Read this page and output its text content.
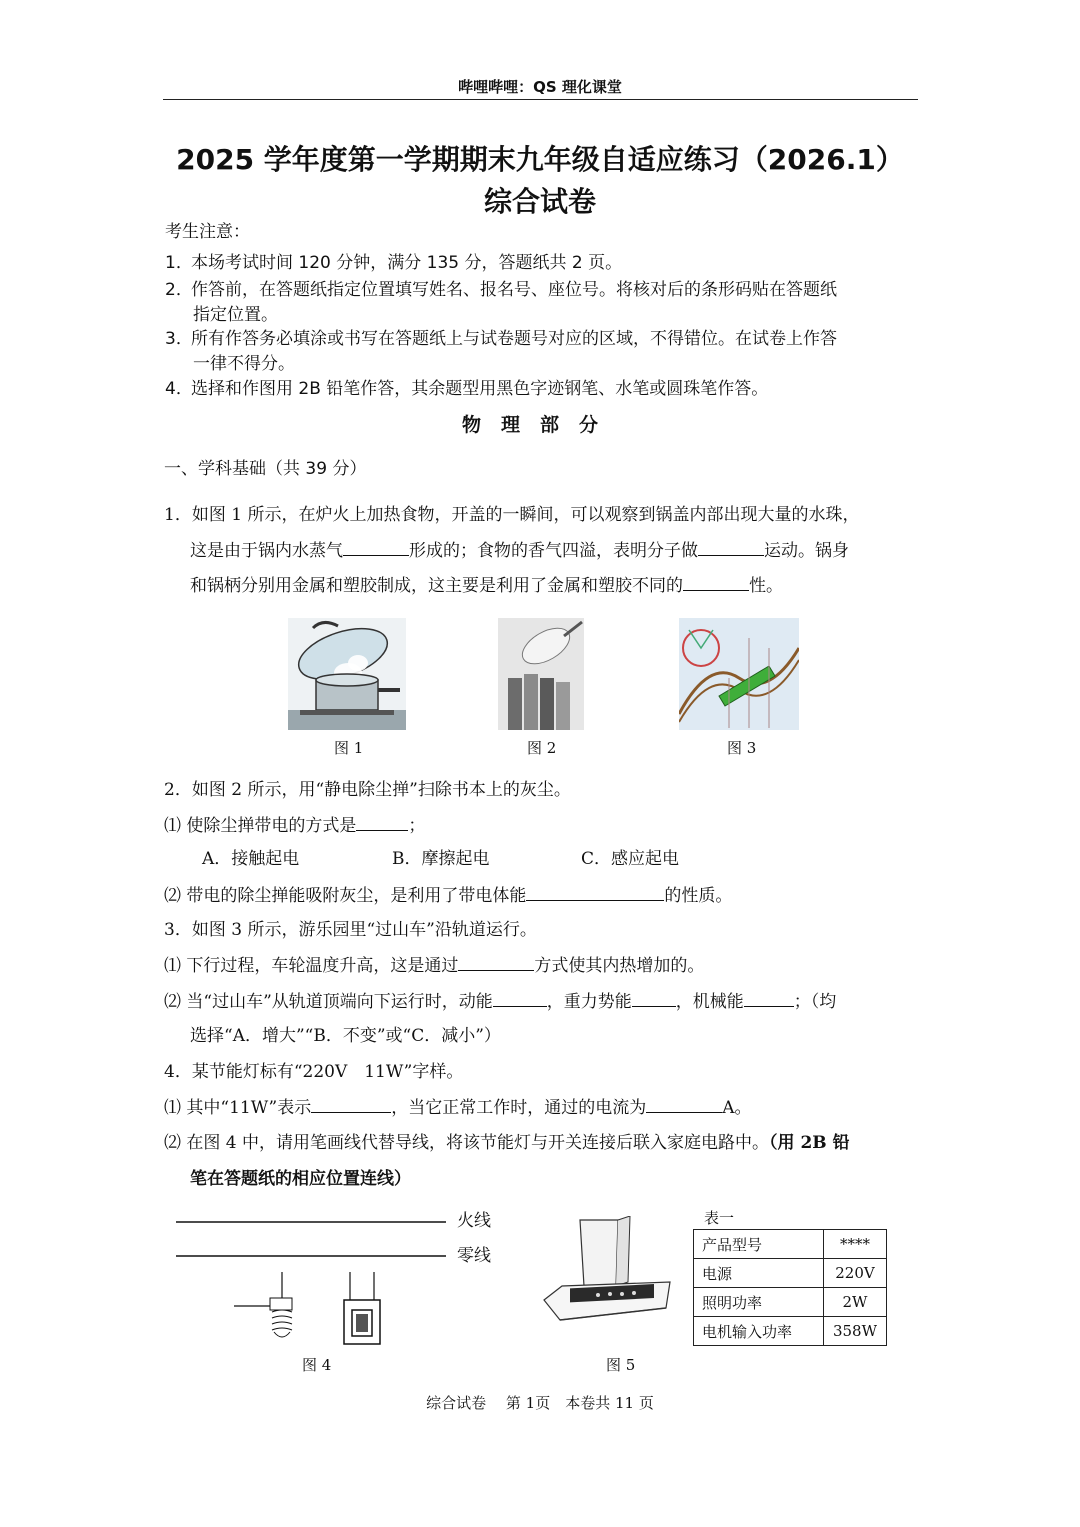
哔哩哔哩：QS 理化课堂
2025 学年度第一学期期末九年级自适应练习（2026.1）
综合试卷
考生注意：
1．本场考试时间 120 分钟，满分 135 分，答题纸共 2 页。
2．作答前，在答题纸指定位置填写姓名、报名号、座位号。将核对后的条形码贴在答题纸
指定位置。
3．所有作答务必填涂或书写在答题纸上与试卷题号对应的区域，不得错位。在试卷上作答
一律不得分。
4．选择和作图用 2B 铅笔作答，其余题型用黑色字迹钢笔、水笔或圆珠笔作答。
物理部分
一、学科基础（共 39 分）
1．如图 1 所示，在炉火上加热食物，开盖的一瞬间，可以观察到锅盖内部出现大量的水珠，
这是由于锅内水蒸气	形成的；食物的香气四溢，表明分子做	运动。锅身
和锅柄分别用金属和塑胶制成，这主要是利用了金属和塑胶不同的	性。
图 1	图 2	图 3
2．如图 2 所示，用“静电除尘掸”扫除书本上的灰尘。
⑴ 使除尘掸带电的方式是	；
A．接触起电	B．摩擦起电	C．感应起电
⑵ 带电的除尘掸能吸附灰尘，是利用了带电体能	的性质。
3．如图 3 所示，游乐园里“过山车”沿轨道运行。
⑴ 下行过程，车轮温度升高，这是通过	方式使其内热增加的。
⑵ 当“过山车”从轨道顶端向下运行时，动能	，重力势能	，机械能	；（均
选择“A．增大”“B．不变”或“C．减小”）
4．某节能灯标有“220V　11W”字样。
⑴ 其中“11W”表示	，当它正常工作时，通过的电流为	A。
⑵ 在图 4 中，请用笔画线代替导线，将该节能灯与开关连接后联入家庭电路中。（用 2B 铅
笔在答题纸的相应位置连线）
火线
零线
图 4	图 5
表一
产品型号	****
电源	220V
照明功率	2W
电机输入功率	358W
综合试卷　 第 1页　本卷共 11 页
